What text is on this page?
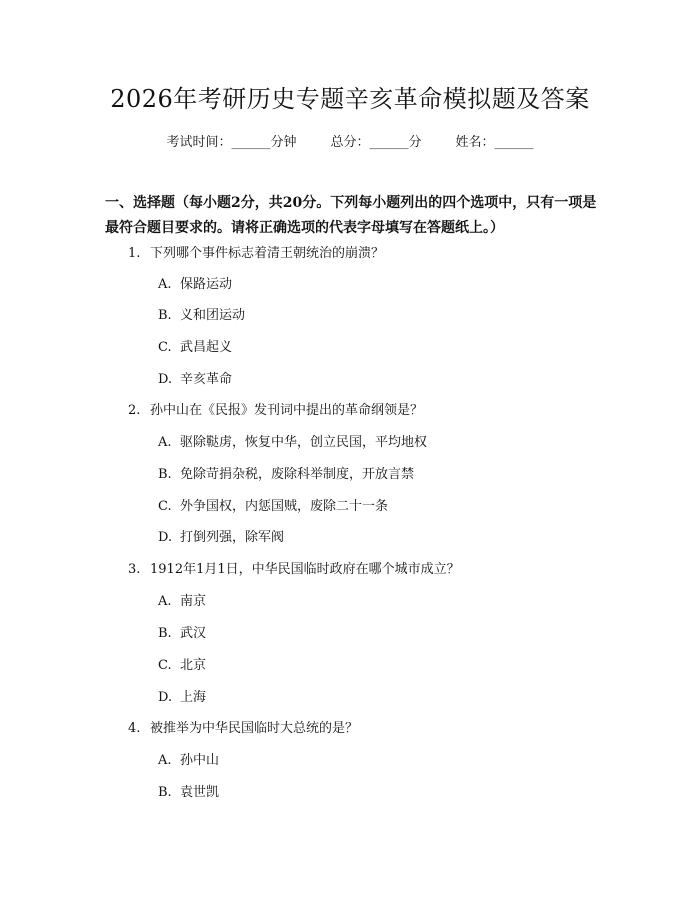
2026年考研历史专题辛亥革命模拟题及答案
考试时间：______分钟	总分：______分	姓名：______
一、选择题（每小题2分，共20分。下列每小题列出的四个选项中，只有一项是最符合题目要求的。请将正确选项的代表字母填写在答题纸上。）
1. 下列哪个事件标志着清王朝统治的崩溃？
A. 保路运动
B. 义和团运动
C. 武昌起义
D. 辛亥革命
2. 孙中山在《民报》发刊词中提出的革命纲领是？
A. 驱除鞑虏，恢复中华，创立民国，平均地权
B. 免除苛捐杂税，废除科举制度，开放言禁
C. 外争国权，内惩国贼，废除二十一条
D. 打倒列强，除军阀
3. 1912年1月1日，中华民国临时政府在哪个城市成立？
A. 南京
B. 武汉
C. 北京
D. 上海
4. 被推举为中华民国临时大总统的是？
A. 孙中山
B. 袁世凯
